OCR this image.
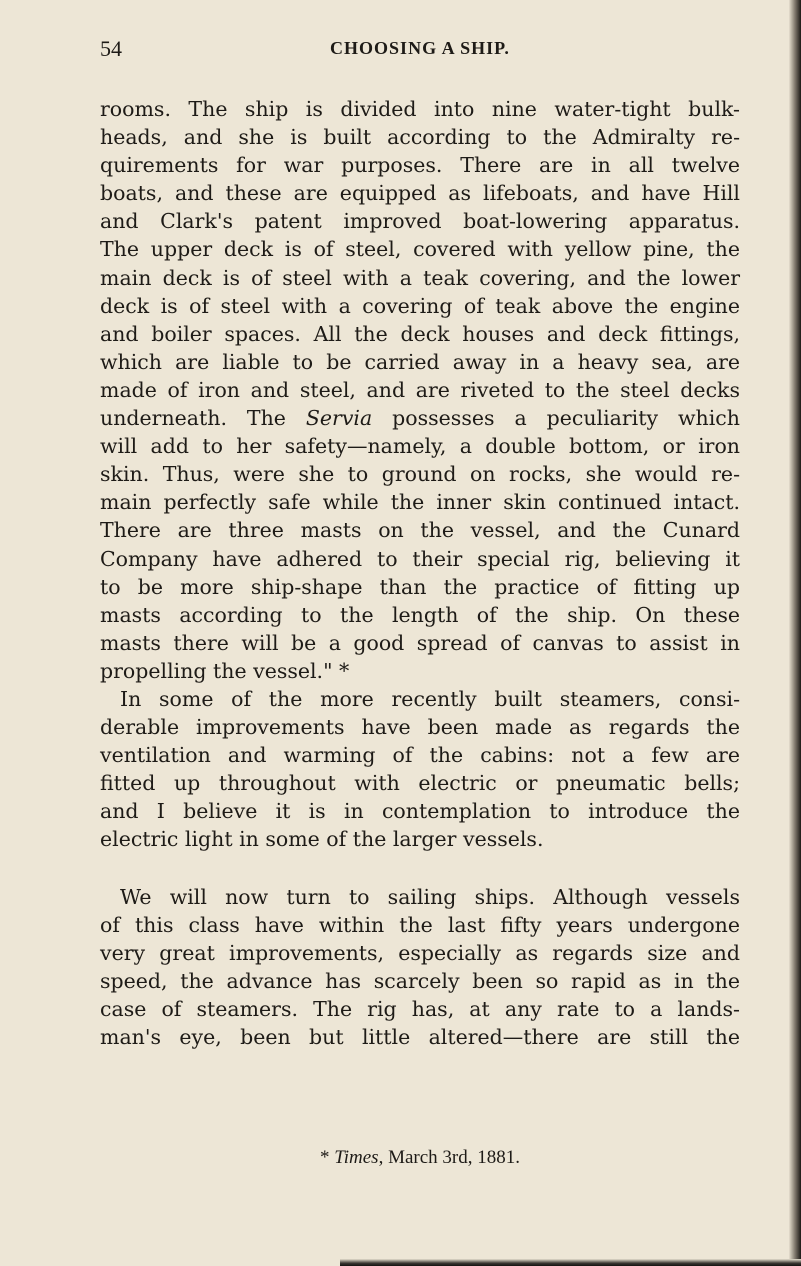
54	CHOOSING A SHIP.
rooms. The ship is divided into nine water-tight bulk-
heads, and she is built according to the Admiralty re-
quirements for war purposes. There are in all twelve
boats, and these are equipped as lifeboats, and have Hill
and Clark's patent improved boat-lowering apparatus.
The upper deck is of steel, covered with yellow pine, the
main deck is of steel with a teak covering, and the lower
deck is of steel with a covering of teak above the engine
and boiler spaces. All the deck houses and deck fittings,
which are liable to be carried away in a heavy sea, are
made of iron and steel, and are riveted to the steel decks
underneath. The Servia possesses a peculiarity which
will add to her safety—namely, a double bottom, or iron
skin. Thus, were she to ground on rocks, she would re-
main perfectly safe while the inner skin continued intact.
There are three masts on the vessel, and the Cunard
Company have adhered to their special rig, believing it
to be more ship-shape than the practice of fitting up
masts according to the length of the ship. On these
masts there will be a good spread of canvas to assist in
propelling the vessel." *
In some of the more recently built steamers, consi-
derable improvements have been made as regards the
ventilation and warming of the cabins: not a few are
fitted up throughout with electric or pneumatic bells;
and I believe it is in contemplation to introduce the
electric light in some of the larger vessels.
We will now turn to sailing ships. Although vessels
of this class have within the last fifty years undergone
very great improvements, especially as regards size and
speed, the advance has scarcely been so rapid as in the
case of steamers. The rig has, at any rate to a lands-
man's eye, been but little altered—there are still the
* Times, March 3rd, 1881.
